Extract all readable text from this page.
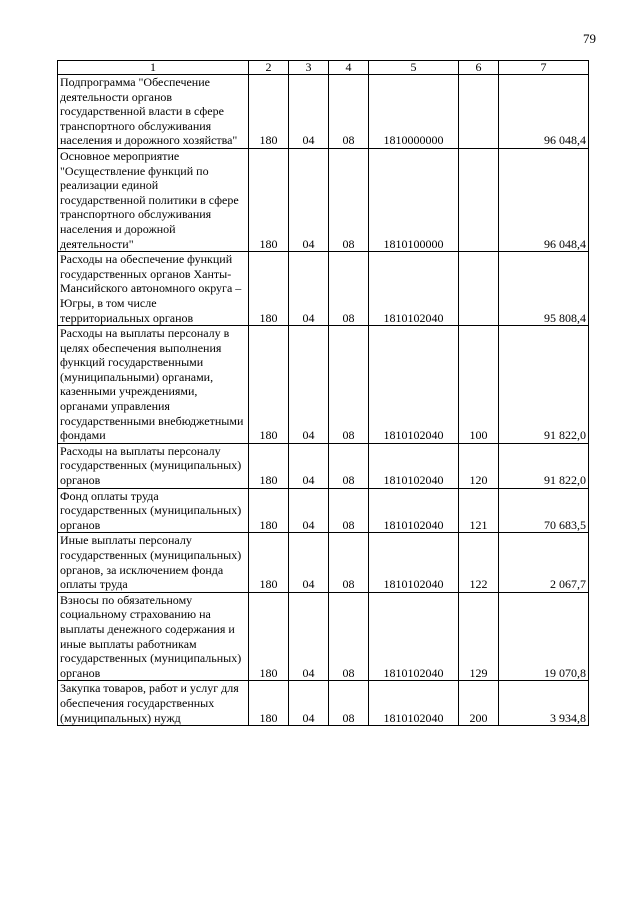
79
1	2	3	4	5	6	7
Подпрограмма "Обеспечение деятельности органов государственной власти в сфере транспортного обслуживания населения и дорожного хозяйства"	180	04	08	1810000000		96 048,4
Основное мероприятие "Осуществление функций по реализации единой государственной политики в сфере транспортного обслуживания населения и дорожной деятельности"	180	04	08	1810100000		96 048,4
Расходы на обеспечение функций государственных органов Ханты-Мансийского автономного округа – Югры, в том числе территориальных органов	180	04	08	1810102040		95 808,4
Расходы на выплаты персоналу в целях обеспечения выполнения функций государственными (муниципальными) органами, казенными учреждениями, органами управления государственными внебюджетными фондами	180	04	08	1810102040	100	91 822,0
Расходы на выплаты персоналу государственных (муниципальных) органов	180	04	08	1810102040	120	91 822,0
Фонд оплаты труда государственных (муниципальных) органов	180	04	08	1810102040	121	70 683,5
Иные выплаты персоналу государственных (муниципальных) органов, за исключением фонда оплаты труда	180	04	08	1810102040	122	2 067,7
Взносы по обязательному социальному страхованию на выплаты денежного содержания и иные выплаты работникам государственных (муниципальных) органов	180	04	08	1810102040	129	19 070,8
Закупка товаров, работ и услуг для обеспечения государственных (муниципальных) нужд	180	04	08	1810102040	200	3 934,8
